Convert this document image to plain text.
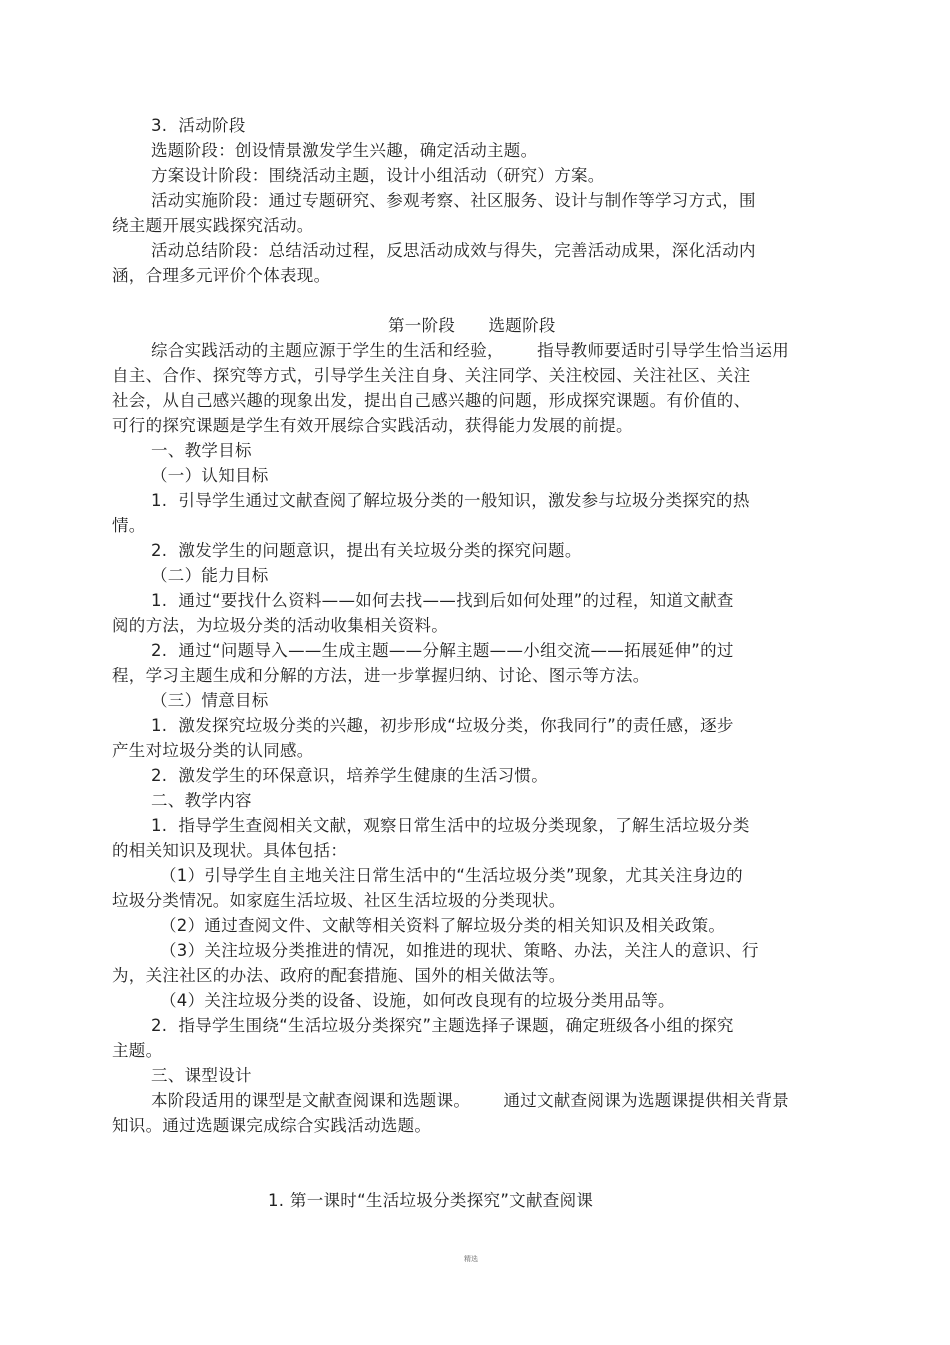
3.  活动阶段
选题阶段：创设情景激发学生兴趣，确定活动主题。
方案设计阶段：围绕活动主题，设计小组活动（研究）方案。
活动实施阶段：通过专题研究、参观考察、社区服务、设计与制作等学习方式，围
绕主题开展实践探究活动。
活动总结阶段：总结活动过程，反思活动成效与得失，完善活动成果，深化活动内
涵，合理多元评价个体表现。
第一阶段      选题阶段
综合实践活动的主题应源于学生的生活和经验，      指导教师要适时引导学生恰当运用
自主、合作、探究等方式，引导学生关注自身、关注同学、关注校园、关注社区、关注
社会，从自己感兴趣的现象出发，提出自己感兴趣的问题，形成探究课题。有价值的、
可行的探究课题是学生有效开展综合实践活动，获得能力发展的前提。
一、教学目标
（一）认知目标
1.  引导学生通过文献查阅了解垃圾分类的一般知识，激发参与垃圾分类探究的热
情。
2.  激发学生的问题意识，提出有关垃圾分类的探究问题。
（二）能力目标
1.  通过“要找什么资料——如何去找——找到后如何处理”的过程，知道文献查
阅的方法，为垃圾分类的活动收集相关资料。
2.  通过“问题导入——生成主题——分解主题——小组交流——拓展延伸”的过
程，学习主题生成和分解的方法，进一步掌握归纳、讨论、图示等方法。
（三）情意目标
1.  激发探究垃圾分类的兴趣，初步形成“垃圾分类，你我同行”的责任感，逐步
产生对垃圾分类的认同感。
2.  激发学生的环保意识，培养学生健康的生活习惯。
二、教学内容
1.  指导学生查阅相关文献，观察日常生活中的垃圾分类现象，了解生活垃圾分类
的相关知识及现状。具体包括：
（1）引导学生自主地关注日常生活中的“生活垃圾分类”现象，尤其关注身边的
垃圾分类情况。如家庭生活垃圾、社区生活垃圾的分类现状。
（2）通过查阅文件、文献等相关资料了解垃圾分类的相关知识及相关政策。
（3）关注垃圾分类推进的情况，如推进的现状、策略、办法，关注人的意识、行
为，关注社区的办法、政府的配套措施、国外的相关做法等。
（4）关注垃圾分类的设备、设施，如何改良现有的垃圾分类用品等。
2.  指导学生围绕“生活垃圾分类探究”主题选择子课题，确定班级各小组的探究
主题。
三、课型设计
本阶段适用的课型是文献查阅课和选题课。      通过文献查阅课为选题课提供相关背景
知识。通过选题课完成综合实践活动选题。
1. 第一课时“生活垃圾分类探究”文献查阅课
精选
